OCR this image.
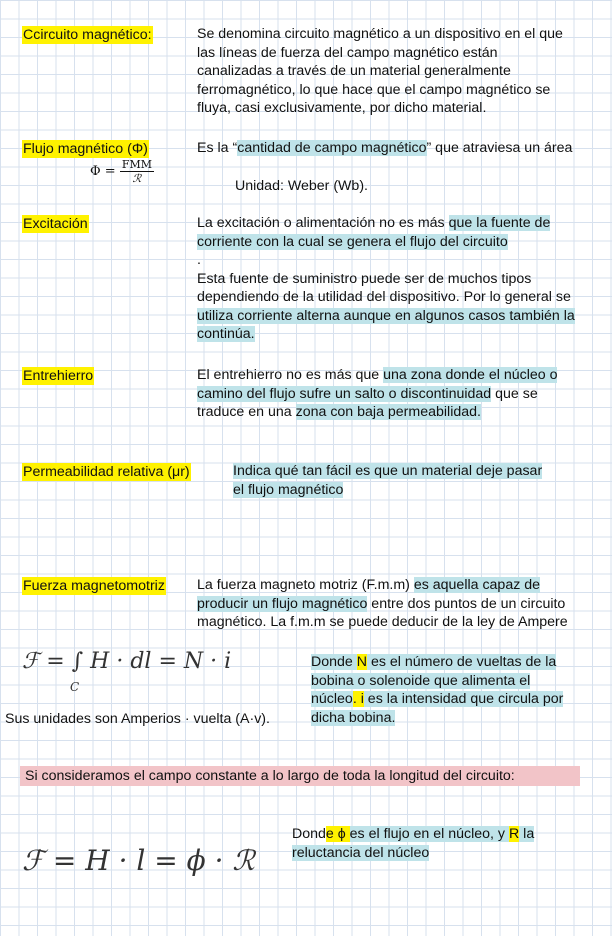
Ccircuito magnético:	Se denomina circuito magnético a un dispositivo en el que
las líneas de fuerza del campo magnético están
canalizadas a través de un material generalmente
ferromagnético, lo que hace que el campo magnético se
fluya, casi exclusivamente, por dicho material.
Flujo magnético (Φ)
$\Phi = \frac{\text{FMM}}{\text{ℛ}}$
Es la “cantidad de campo magnético” que atraviesa un área
Unidad: Weber (Wb).
Excitación	La excitación o alimentación no es más que la fuente de
corriente con la cual se genera el flujo del circuito
.
Esta fuente de suministro puede ser de muchos tipos
dependiendo de la utilidad del dispositivo. Por lo general se
utiliza corriente alterna aunque en algunos casos también la
continúa.
Entrehierro	El entrehierro no es más que una zona donde el núcleo o
camino del flujo sufre un salto o discontinuidad que se
traduce en una zona con baja permeabilidad.
Permeabilidad relativa (μr)	Indica qué tan fácil es que un material deje pasar
el flujo magnético
Fuerza magnetomotriz La fuerza magneto motriz (F.m.m) es aquella capaz de
producir un flujo magnético entre dos puntos de un circuito
magnético. La f.m.m se puede deducir de la ley de Ampere
ℱ = ∫ H · dl = N · i
C
Sus unidades son Amperios · vuelta (A·v).
Donde N es el número de vueltas de la
bobina o solenoide que alimenta el
núcleo. i es la intensidad que circula por
dicha bobina.
Si consideramos el campo constante a lo largo de toda la longitud del circuito:
ℱ = H · l = ϕ · ℛ
Donde ϕ es el flujo en el núcleo, y R la
reluctancia del núcleo
